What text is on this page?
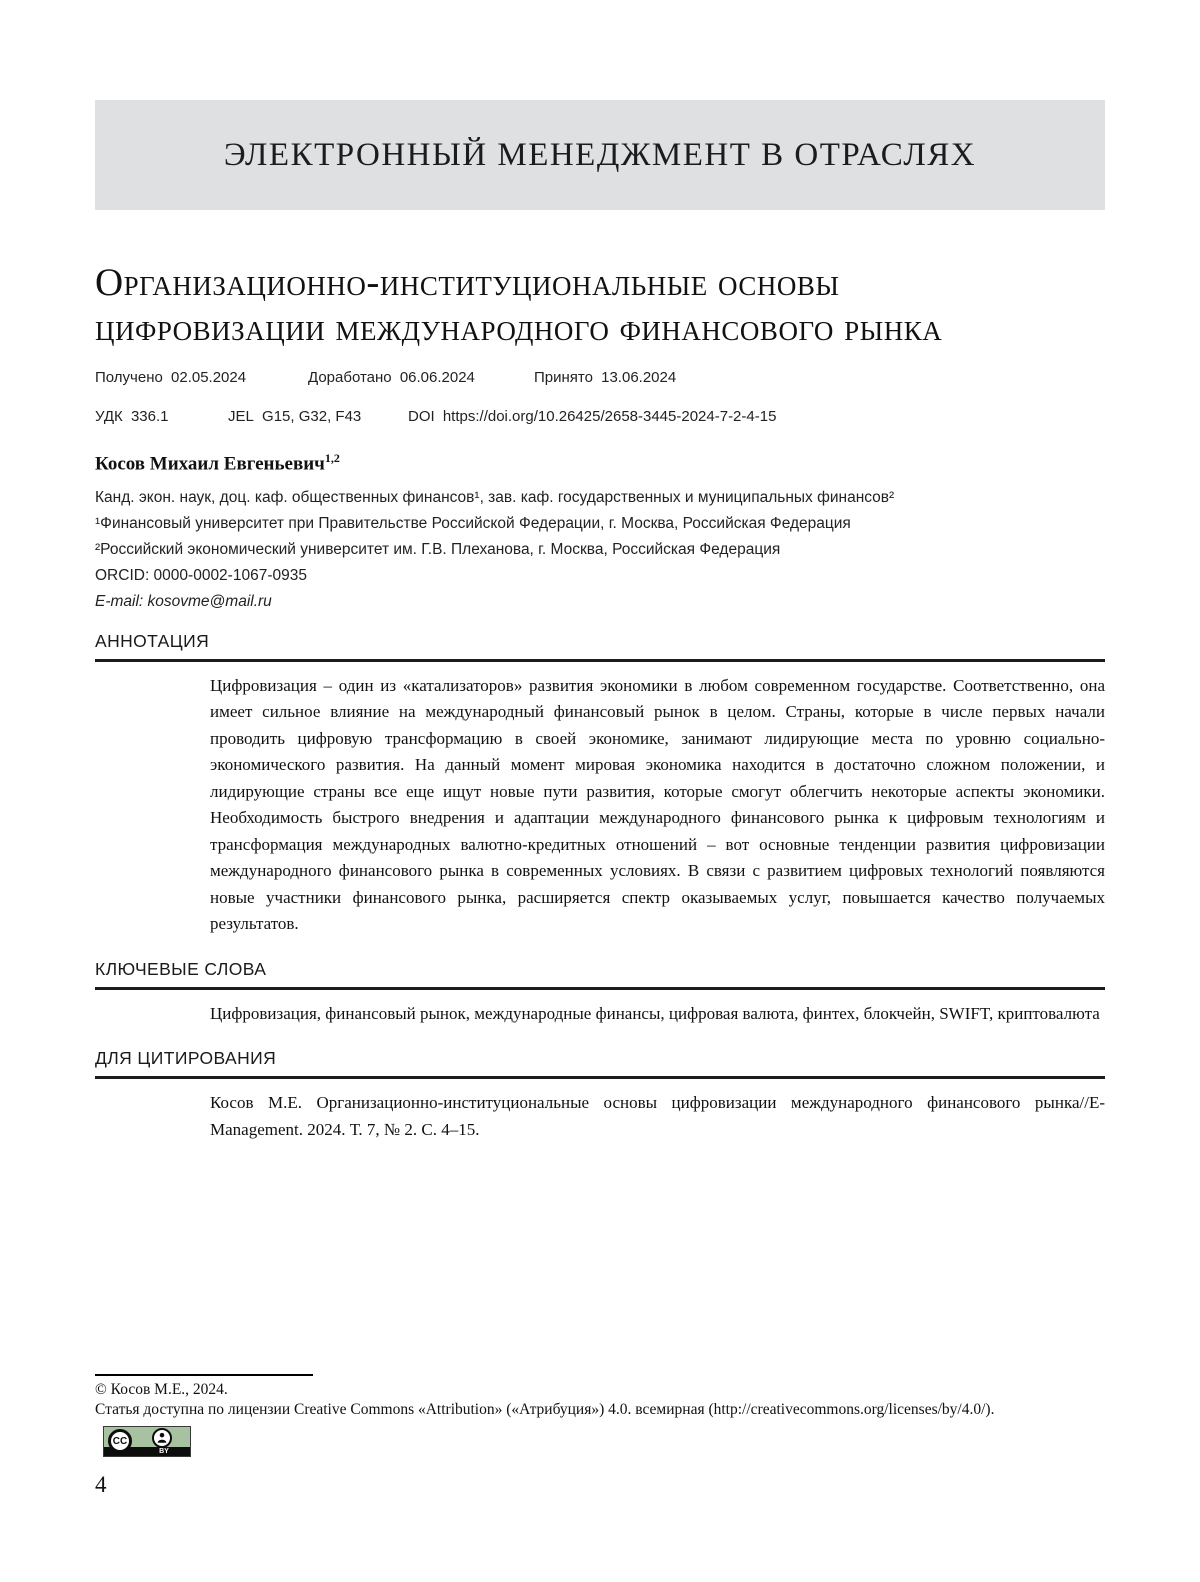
ЭЛЕКТРОННЫЙ МЕНЕДЖМЕНТ В ОТРАСЛЯХ
Организационно-институциональные основы
цифровизации международного финансового рынка
Получено 02.05.2024	Доработано 06.06.2024	Принято 13.06.2024
УДК 336.1	JEL G15, G32, F43	DOI https://doi.org/10.26425/2658-3445-2024-7-2-4-15
Косов Михаил Евгеньевич$^{1,2}$
Канд. экон. наук, доц. каф. общественных финансов¹, зав. каф. государственных и муниципальных финансов²
¹Финансовый университет при Правительстве Российской Федерации, г. Москва, Российская Федерация
²Российский экономический университет им. Г.В. Плеханова, г. Москва, Российская Федерация
ORCID: 0000-0002-1067-0935
E-mail: kosovme@mail.ru
АННОТАЦИЯ
Цифровизация – один из «катализаторов» развития экономики в любом современном государстве. Соответственно, она имеет сильное влияние на международный финансовый рынок в целом. Страны, которые в числе первых начали проводить цифровую трансформацию в своей экономике, занимают лидирующие места по уровню социально-экономического развития. На данный момент мировая экономика находится в достаточно сложном положении, и лидирующие страны все еще ищут новые пути развития, которые смогут облегчить некоторые аспекты экономики. Необходимость быстрого внедрения и адаптации международного финансового рынка к цифровым технологиям и трансформация международных валютно-кредитных отношений – вот основные тенденции развития цифровизации международного финансового рынка в современных условиях. В связи с развитием цифровых технологий появляются новые участники финансового рынка, расширяется спектр оказываемых услуг, повышается качество получаемых результатов.
КЛЮЧЕВЫЕ СЛОВА
Цифровизация, финансовый рынок, международные финансы, цифровая валюта, финтех, блокчейн, SWIFT, криптовалюта
ДЛЯ ЦИТИРОВАНИЯ
Косов М.Е. Организационно-институциональные основы цифровизации международного финансового рынка//E-Management. 2024. Т. 7, № 2. С. 4–15.
© Косов М.Е., 2024.
Статья доступна по лицензии Creative Commons «Attribution» («Атрибуция») 4.0. всемирная (http://creativecommons.org/licenses/by/4.0/).
CC
BY
4
